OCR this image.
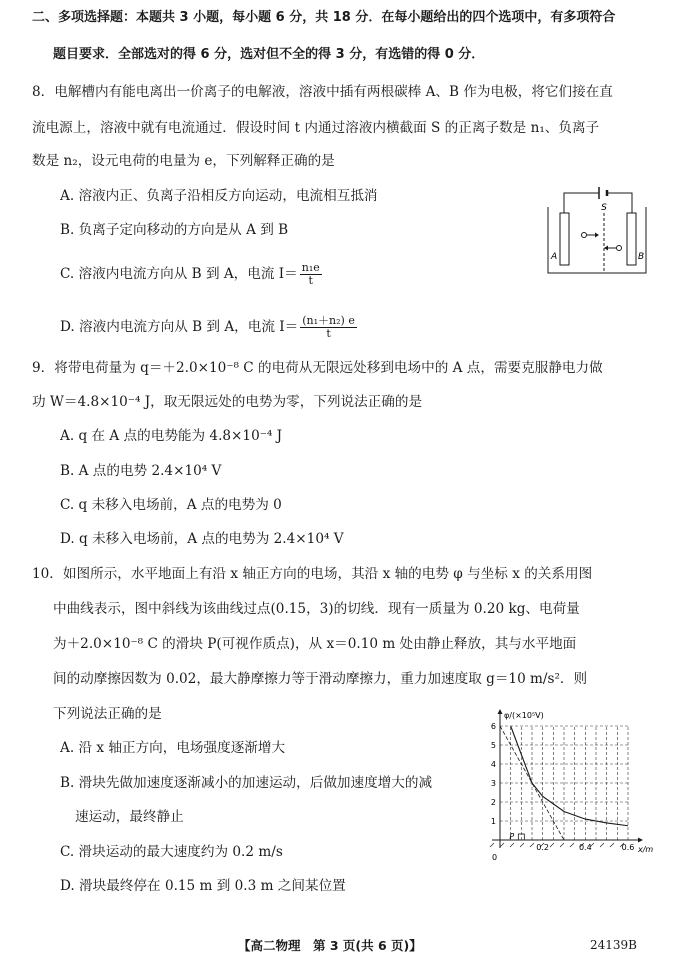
二、多项选择题：本题共 3 小题，每小题 6 分，共 18 分．在每小题给出的四个选项中，有多项符合
题目要求．全部选对的得 6 分，选对但不全的得 3 分，有选错的得 0 分．
8．电解槽内有能电离出一价离子的电解液，溶液中插有两根碳棒 A、B 作为电极，将它们接在直
流电源上，溶液中就有电流通过．假设时间 t 内通过溶液内横截面 S 的正离子数是 n₁、负离子
数是 n₂，设元电荷的电量为 e，下列解释正确的是
A. 溶液内正、负离子沿相反方向运动，电流相互抵消
B. 负离子定向移动的方向是从 A 到 B
C. 溶液内电流方向从 B 到 A，电流 $I= \frac{\text{n₁e}}{t}$
D. 溶液内电流方向从 B 到 A，电流 $I= \frac{\text{(n₁＋n₂) e}}{t}$
S
A	B
9．将带电荷量为 q＝＋2.0×10⁻⁸ C 的电荷从无限远处移到电场中的 A 点，需要克服静电力做
功 W＝4.8×10⁻⁴ J，取无限远处的电势为零，下列说法正确的是
A. q 在 A 点的电势能为 4.8×10⁻⁴ J
B. A 点的电势 2.4×10⁴ V
C. q 未移入电场前，A 点的电势为 0
D. q 未移入电场前，A 点的电势为 2.4×10⁴ V
10．如图所示，水平地面上有沿 x 轴正方向的电场，其沿 x 轴的电势 φ 与坐标 x 的关系用图
中曲线表示，图中斜线为该曲线过点(0.15，3)的切线．现有一质量为 0.20 kg、电荷量
为＋2.0×10⁻⁸ C 的滑块 P(可视作质点)，从 x＝0.10 m 处由静止释放，其与水平地面
间的动摩擦因数为 0.02，最大静摩擦力等于滑动摩擦力，重力加速度取 g＝10 m/s²．则
下列说法正确的是
A. 沿 x 轴正方向，电场强度逐渐增大
B. 滑块先做加速度逐渐减小的加速运动，后做加速度增大的减
速运动，最终静止
C. 滑块运动的最大速度约为 0.2 m/s
D. 滑块最终停在 0.15 m 到 0.3 m 之间某位置
1
2
3
4
5
6
0.2	0.4	0.6
φ/(×10⁵V)
x/m
0
P
【高二物理　第 3 页(共 6 页)】	24139B
